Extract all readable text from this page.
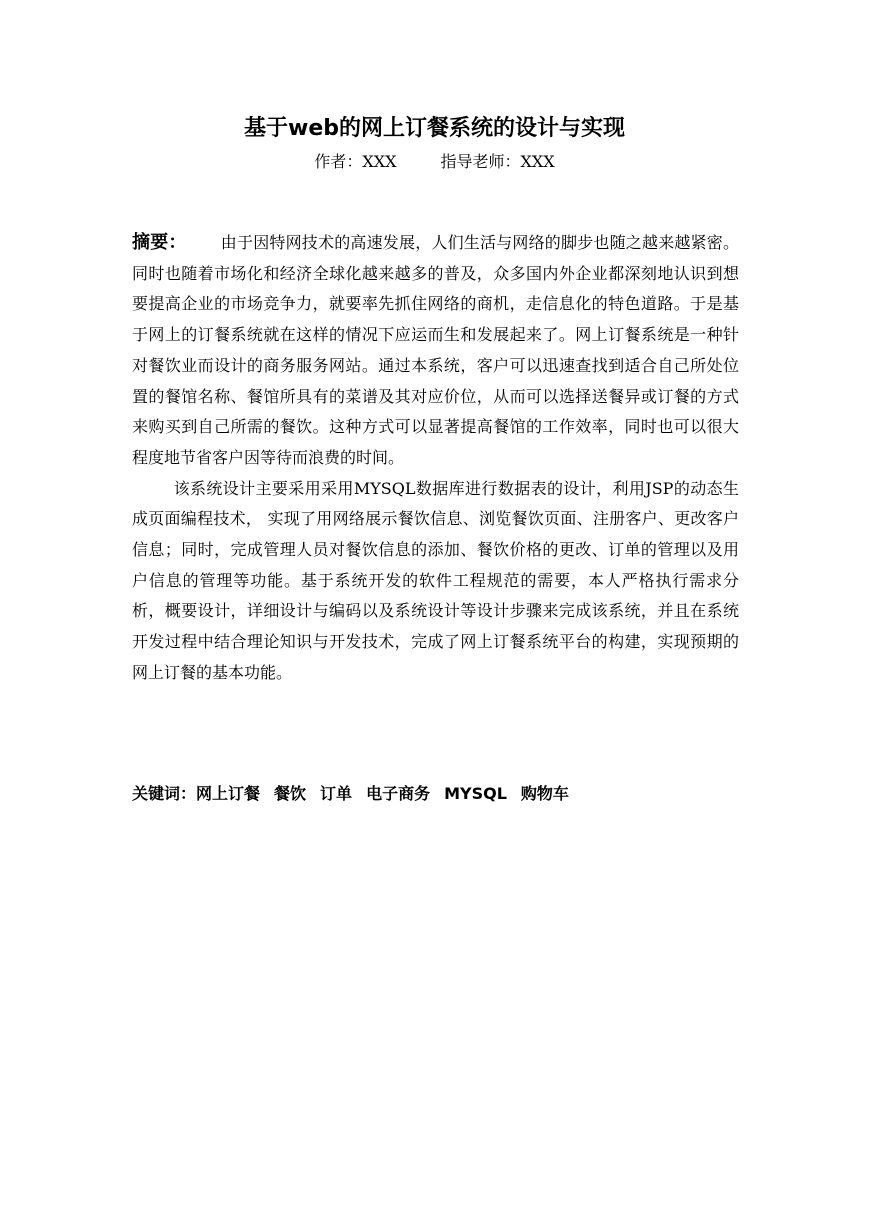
基于web的网上订餐系统的设计与实现
作者：XXX	指导老师：XXX

摘要： 由于因特网技术的高速发展，人们生活与网络的脚步也随之越来越紧密。同时也随着市场化和经济全球化越来越多的普及，众多国内外企业都深刻地认识到想要提高企业的市场竞争力，就要率先抓住网络的商机，走信息化的特色道路。于是基于网上的订餐系统就在这样的情况下应运而生和发展起来了。网上订餐系统是一种针对餐饮业而设计的商务服务网站。通过本系统，客户可以迅速查找到适合自己所处位置的餐馆名称、餐馆所具有的菜谱及其对应价位，从而可以选择送餐异或订餐的方式来购买到自己所需的餐饮。这种方式可以显著提高餐馆的工作效率，同时也可以很大程度地节省客户因等待而浪费的时间。

该系统设计主要采用采用MYSQL数据库进行数据表的设计，利用JSP的动态生成页面编程技术， 实现了用网络展示餐饮信息、浏览餐饮页面、注册客户、更改客户信息；同时，完成管理人员对餐饮信息的添加、餐饮价格的更改、订单的管理以及用户信息的管理等功能。基于系统开发的软件工程规范的需要，本人严格执行需求分析，概要设计，详细设计与编码以及系统设计等设计步骤来完成该系统，并且在系统开发过程中结合理论知识与开发技术，完成了网上订餐系统平台的构建，实现预期的网上订餐的基本功能。

关键词：网上订餐 餐饮 订单 电子商务 MYSQL 购物车
